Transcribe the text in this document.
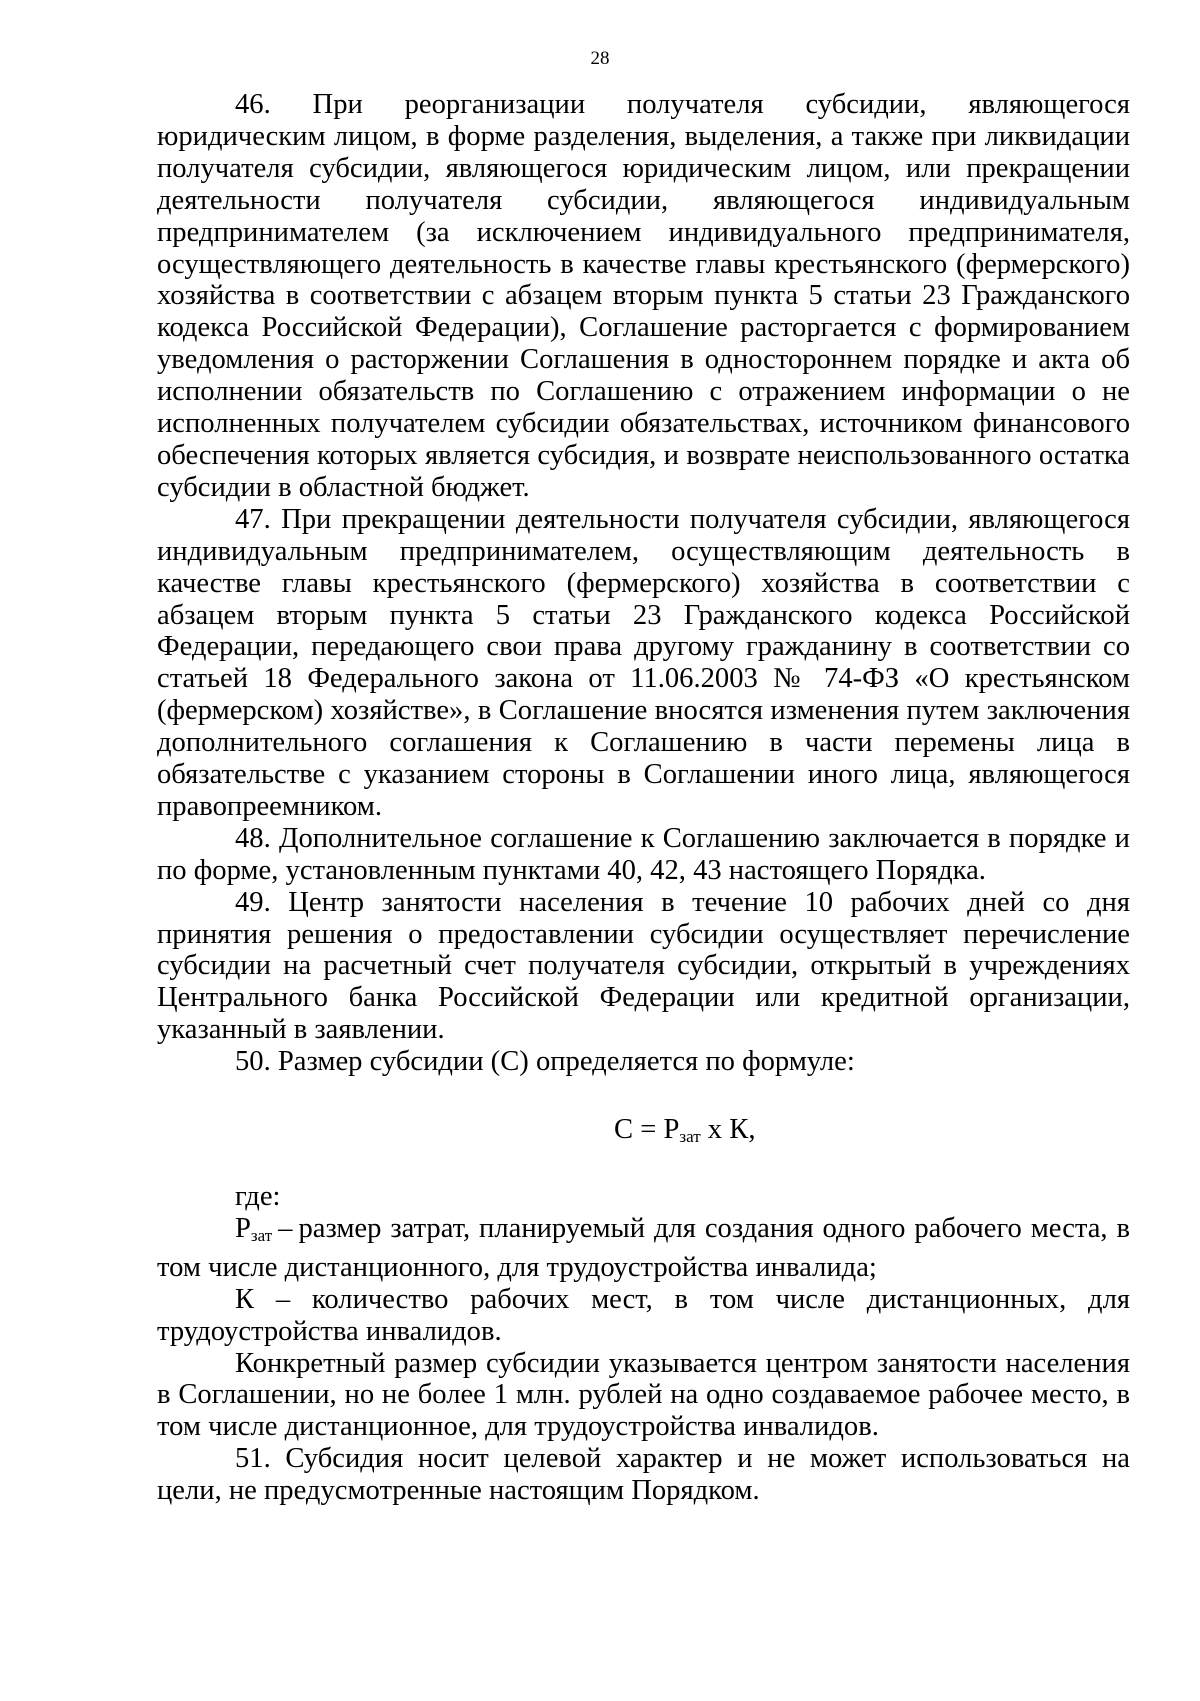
28

46. При реорганизации получателя субсидии, являющегося юридическим лицом, в форме разделения, выделения, а также при ликвидации получателя субсидии, являющегося юридическим лицом, или прекращении деятельности получателя субсидии, являющегося индивидуальным предпринимателем (за исключением индивидуального предпринимателя, осуществляющего деятельность в качестве главы крестьянского (фермерского) хозяйства в соответствии с абзацем вторым пункта 5 статьи 23 Гражданского кодекса Российской Федерации), Соглашение расторгается с формированием уведомления о расторжении Соглашения в одностороннем порядке и акта об исполнении обязательств по Соглашению с отражением информации о не исполненных получателем субсидии обязательствах, источником финансового обеспечения которых является субсидия, и возврате неиспользованного остатка субсидии в областной бюджет.

47. При прекращении деятельности получателя субсидии, являющегося индивидуальным предпринимателем, осуществляющим деятельность в качестве главы крестьянского (фермерского) хозяйства в соответствии с абзацем вторым пункта 5 статьи 23 Гражданского кодекса Российской Федерации, передающего свои права другому гражданину в соответствии со статьей 18 Федерального закона от 11.06.2003 № 74-ФЗ «О крестьянском (фермерском) хозяйстве», в Соглашение вносятся изменения путем заключения дополнительного соглашения к Соглашению в части перемены лица в обязательстве с указанием стороны в Соглашении иного лица, являющегося правопреемником.

48. Дополнительное соглашение к Соглашению заключается в порядке и по форме, установленным пунктами 40, 42, 43 настоящего Порядка.

49. Центр занятости населения в течение 10 рабочих дней со дня принятия решения о предоставлении субсидии осуществляет перечисление субсидии на расчетный счет получателя субсидии, открытый в учреждениях Центрального банка Российской Федерации или кредитной организации, указанный в заявлении.

50. Размер субсидии (С) определяется по формуле:

$С = Р_{зат}$ х К,

где:

$Р_{зат}$ – размер затрат, планируемый для создания одного рабочего места, в том числе дистанционного, для трудоустройства инвалида;

К – количество рабочих мест, в том числе дистанционных, для трудоустройства инвалидов.

Конкретный размер субсидии указывается центром занятости населения в Соглашении, но не более 1 млн. рублей на одно создаваемое рабочее место, в том числе дистанционное, для трудоустройства инвалидов.

51. Субсидия носит целевой характер и не может использоваться на цели, не предусмотренные настоящим Порядком.
